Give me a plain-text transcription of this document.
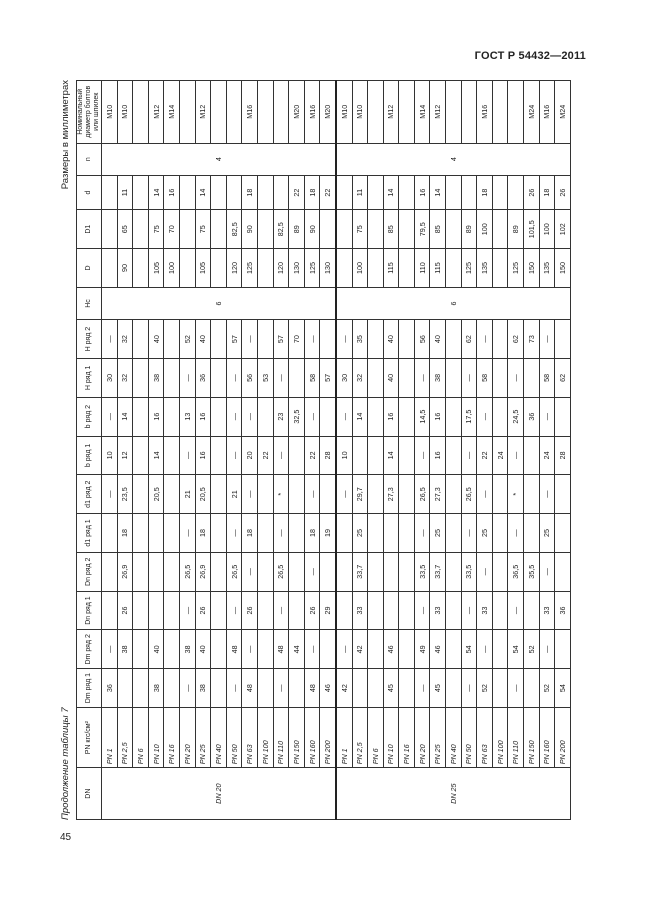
ГОСТ Р 54432—2011
Продолжение таблицы 7
Размеры в миллиметрах
DN	PN кгс/см²	Dm ряд 1	Dm ряд 2	Dn ряд 1	Dn ряд 2	d1 ряд 1	d1 ряд 2	b ряд 1	b ряд 2	H ряд 1	H ряд 2	Hc	D	D1	d	n	Номинальный диаметр болтов или шпилек
DN 20	PN 1	36	—				—	10	—	30	—	6				4	M10
	PN 2,5		38	26	26,9	18	23,5	12	14	32	32		90	65	11		M10
	PN 6																
	PN 10	38	40				20,5	14	16	38	40		105	75	14		M12
	PN 16												100	70	16		M14
	PN 20	—	38	—	26,5	—	21	—	13	—	52						
	PN 25	38	40	26	26,9	18	20,5	16	16	36	40		105	75	14		M12
	PN 40																
	PN 50	—	48	—	26,5	—	21	—	—	—	57		120	82,5			
	PN 63	48	—	26	—	18	—	20	—	56	—		125	90	18		M16
	PN 100							22		53							
	PN 110	—	48	—	26,5	—	*	—	23	—	57		120	82,5			
	PN 150		44						32,5		70		130	89	22		M20
	PN 160	48	—	26	—	18	—	22	—	58	—		125	90	18		M16
	PN 200	46		29		19		28		57			130		22		M20
DN 25	PN 1	42	—				—	10	—	30	—	6				4	M10
	PN 2,5		42	33	33,7	25	29,7		14	32	35		100	75	11		M10
	PN 6																
	PN 10	45	46				27,3	14	16	40	40		115	85	14		M12
	PN 16																
	PN 20	—	49	—	33,5	—	26,5	—	14,5	—	56		110	79,5	16		M14
	PN 25	45	46	33	33,7	25	27,3	16	16	38	40		115	85	14		M12
	PN 40																
	PN 50	—	54	—	33,5	—	26,5	—	17,5	—	62		125	89			
	PN 63	52	—	33	—	25	—	22	—	58	—		135	100	18		M16
	PN 100							24									
	PN 110	—	54	—	36,5	—	*	—	24,5	—	62		125	89			
	PN 150		52		35,5				36		73		150	101,5	26		M24
	PN 160	52	—	33	—	25	—	24	—	58	—		135	100	18		M16
	PN 200	54		36				28		62			150	102	26		M24
45
